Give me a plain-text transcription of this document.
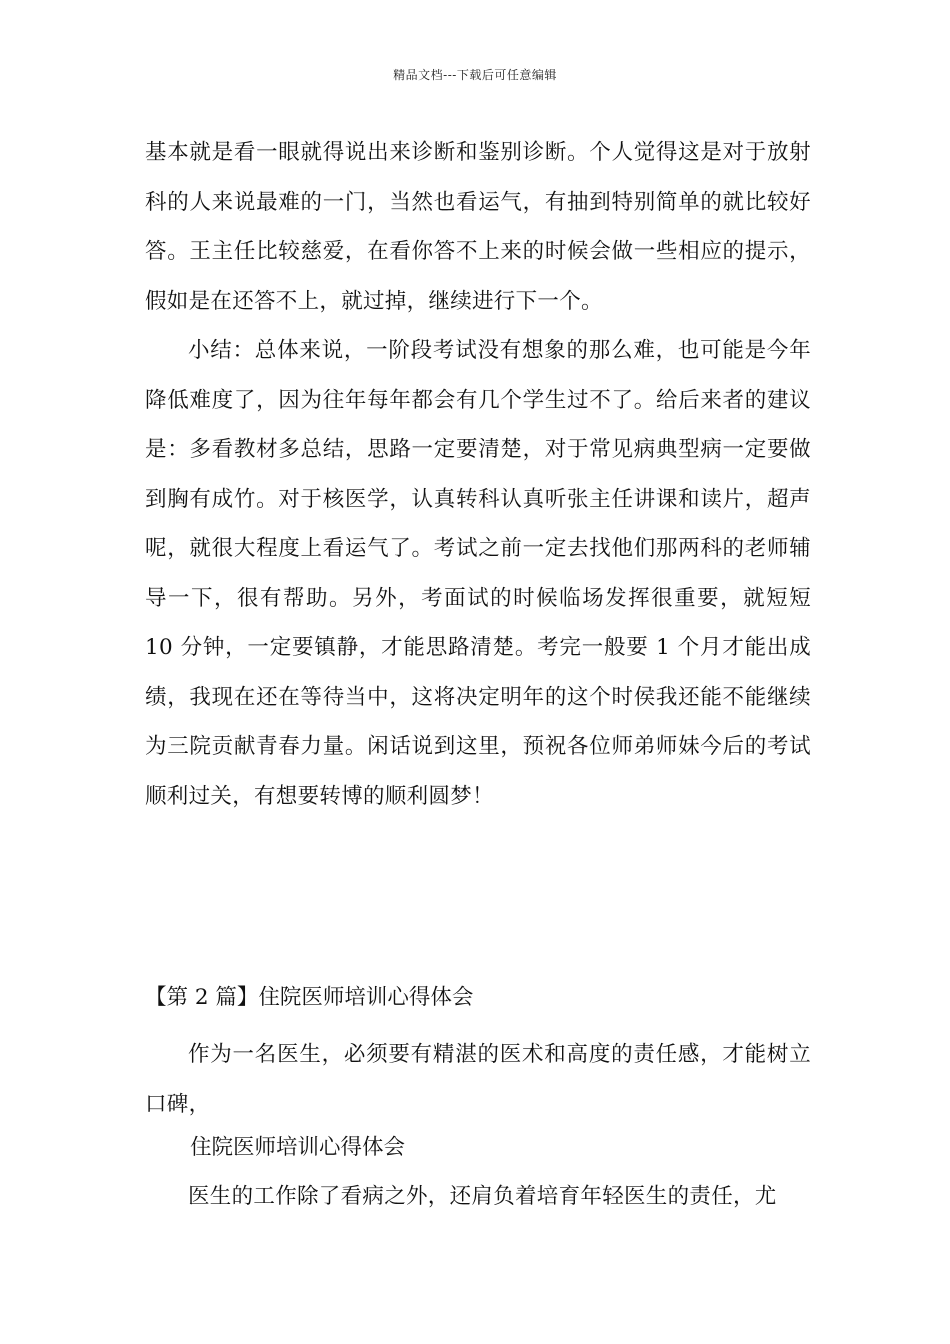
精品文档---下载后可任意编辑
基本就是看一眼就得说出来诊断和鉴别诊断。个人觉得这是对于放射科的人来说最难的一门，当然也看运气，有抽到特别简单的就比较好答。王主任比较慈爱，在看你答不上来的时候会做一些相应的提示，假如是在还答不上，就过掉，继续进行下一个。
小结：总体来说，一阶段考试没有想象的那么难，也可能是今年降低难度了，因为往年每年都会有几个学生过不了。给后来者的建议是：多看教材多总结，思路一定要清楚，对于常见病典型病一定要做到胸有成竹。对于核医学，认真转科认真听张主任讲课和读片，超声呢，就很大程度上看运气了。考试之前一定去找他们那两科的老师辅导一下，很有帮助。另外，考面试的时候临场发挥很重要，就短短 10 分钟，一定要镇静，才能思路清楚。考完一般要 1 个月才能出成绩，我现在还在等待当中，这将决定明年的这个时侯我还能不能继续为三院贡献青春力量。闲话说到这里，预祝各位师弟师妹今后的考试顺利过关，有想要转博的顺利圆梦！
【第 2 篇】住院医师培训心得体会
作为一名医生，必须要有精湛的医术和高度的责任感，才能树立口碑，
住院医师培训心得体会
医生的工作除了看病之外，还肩负着培育年轻医生的责任，尤
